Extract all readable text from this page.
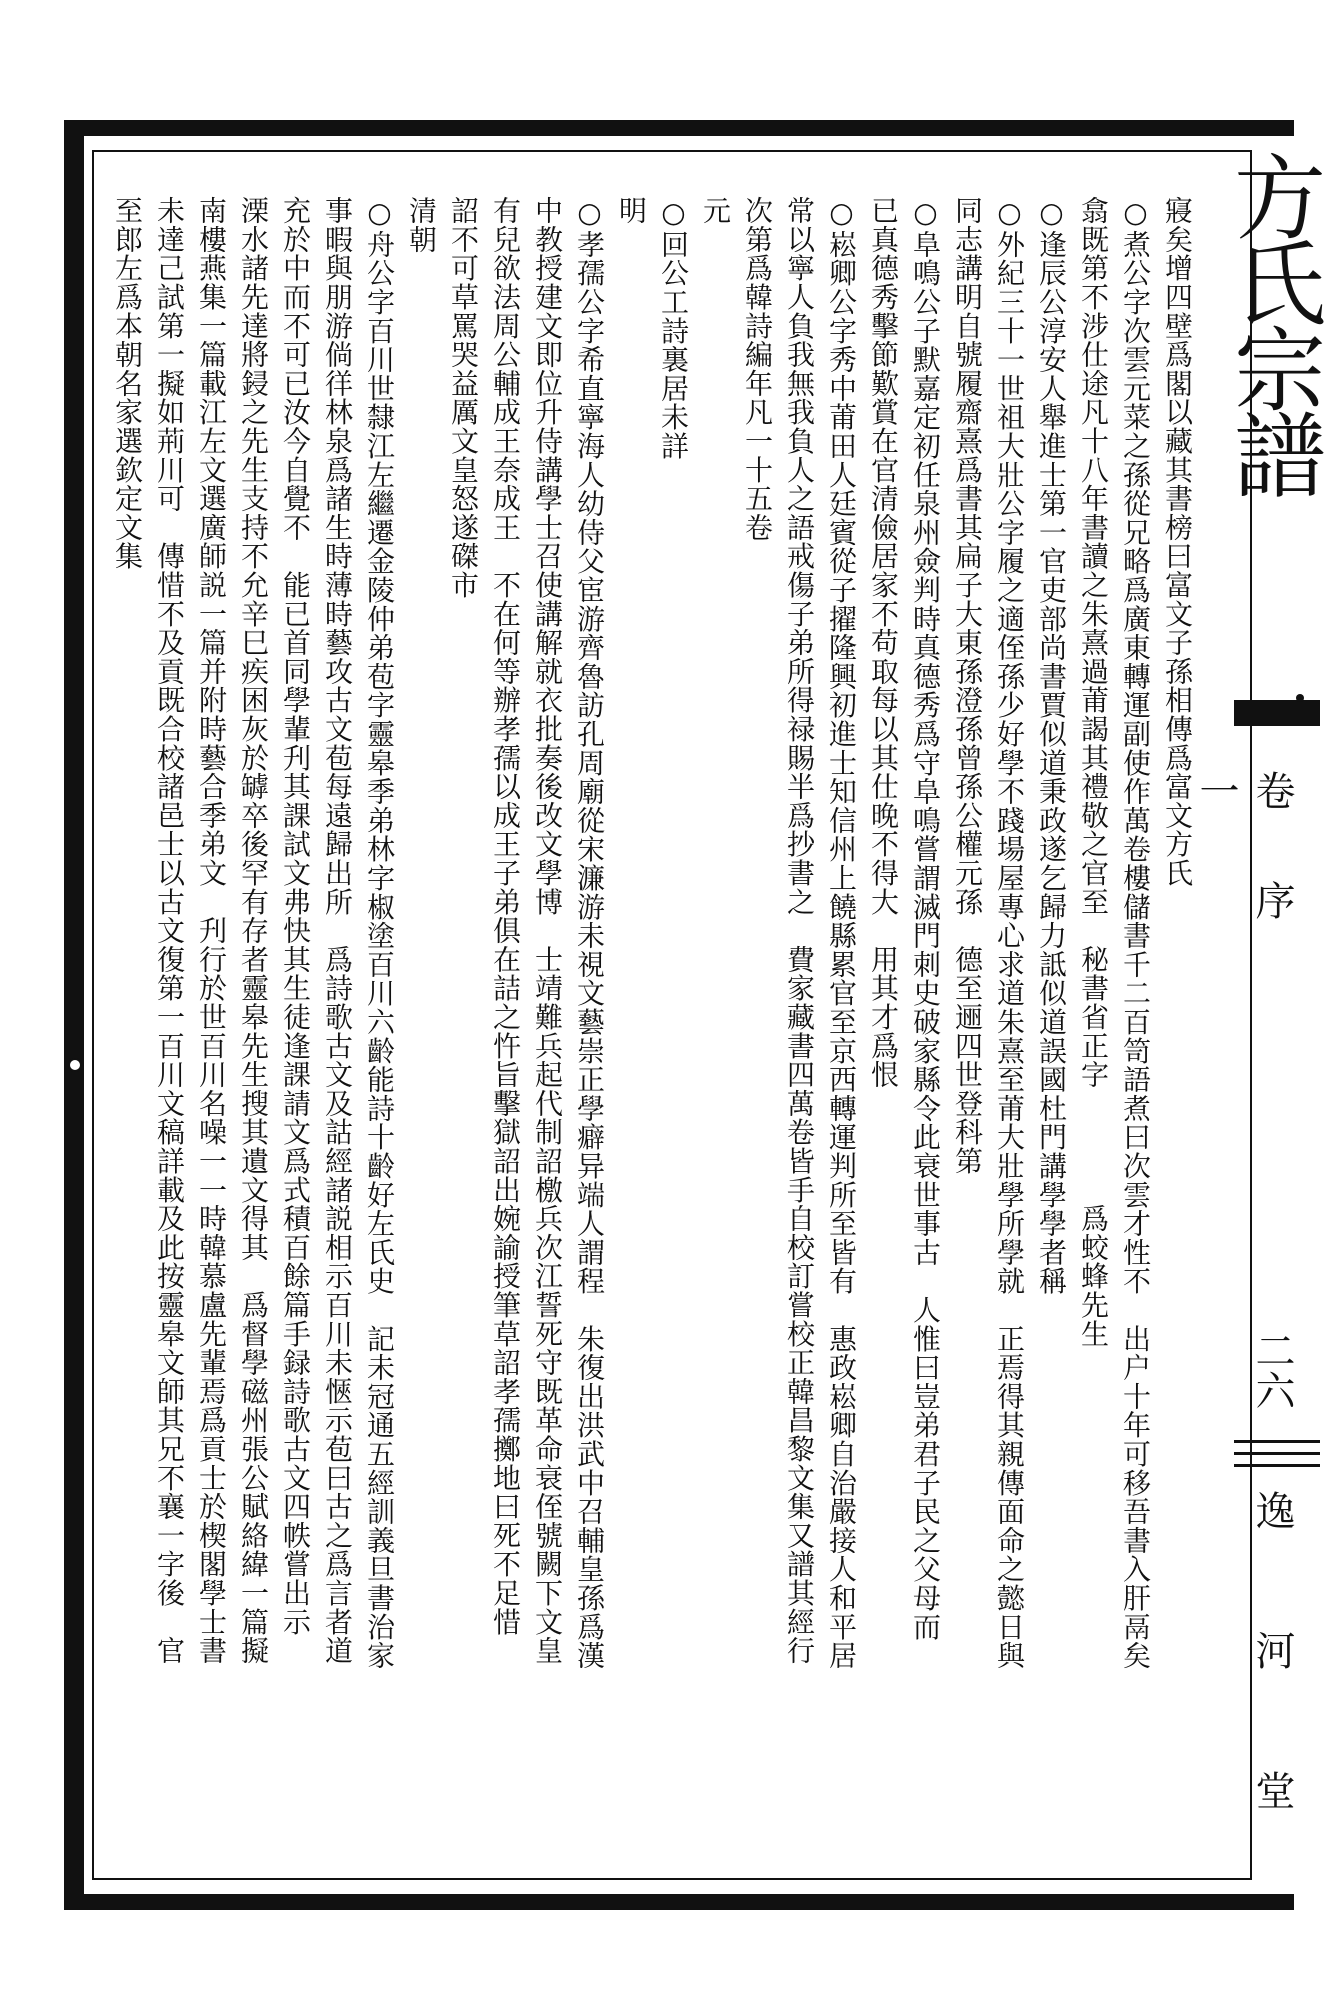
寢矣增四壁爲閣以藏其書榜曰富文子孫相傳爲富文方氏
○煮公字次雲元菜之孫從兄略爲廣東轉運副使作萬卷樓儲書千二百笥語煮曰次雲才性不　出户十年可移吾書入肝鬲矣
翕既第不涉仕途凡十八年書讀之朱熹過莆謁其禮敬之官至　秘書省正字　　　　爲蛟蜂先生
○逢辰公淳安人舉進士第一官吏部尚書賈似道秉政遂乞歸力詆似道誤國杜門講學學者稱
○外紀三十一世祖大壯公字履之適侄孫少好學不踐場屋專心求道朱熹至莆大壯學所學就　正焉得其親傳面命之懿日與
同志講明自號履齋熹爲書其扁子大東孫澄孫曾孫公權元孫　德至逦四世登科第
○阜鳴公子默嘉定初任泉州僉判時真德秀爲守阜鳴嘗謂滅門刺史破家縣令此衰世事古　人惟曰豈弟君子民之父母而
已真德秀擊節歎賞在官清儉居家不苟取每以其仕晚不得大　用其才爲恨
○崧卿公字秀中莆田人廷賓從子擢隆興初進士知信州上饒縣累官至京西轉運判所至皆有　惠政崧卿自治嚴接人和平居
常以寧人負我無我負人之語戒傷子弟所得禄賜半爲抄書之　費家藏書四萬卷皆手自校訂嘗校正韓昌黎文集又譜其經行
次第爲韓詩編年凡一十五卷
元
○回公工詩裏居未詳
明
○孝孺公字希直寧海人幼侍父宦游齊魯訪孔周廟從宋濂游未視文藝崇正學癖异端人謂程　朱復出洪武中召輔皇孫爲漢
中教授建文即位升侍講學士召使講解就衣批奏後改文學博　士靖難兵起代制詔檄兵次江誓死守既革命衰侄號闕下文皇
有兒欲法周公輔成王奈成王　不在何等辦孝孺以成王子弟俱在詰之忤旨擊獄詔出婉諭授筆草詔孝孺擲地曰死不足惜
詔不可草罵哭益厲文皇怒遂磔市
清朝
○舟公字百川世隸江左繼遷金陵仲弟苞字靈皋季弟林字椒塗百川六齡能詩十齡好左氏史　記未冠通五經訓義旦書治家
事暇與朋游倘徉林泉爲諸生時薄時藝攻古文苞每遠歸出所　爲詩歌古文及詁經諸説相示百川未愜示苞曰古之爲言者道
充於中而不可已汝今自覺不　能已首同學輩刋其課試文弗快其生徒逢課請文爲式積百餘篇手録詩歌古文四帙嘗出示
溧水諸先達將鋟之先生支持不允辛巳疾困灰於罅卒後罕有存者靈皋先生搜其遺文得其　爲督學磁州張公賦絡緯一篇擬
南樓燕集一篇載江左文選廣師説一篇并附時藝合季弟文　刋行於世百川名噪一一時韓慕盧先輩焉爲貢士於楔閣學士書
未達己試第一擬如荊川可　傳惜不及貢既合校諸邑士以古文復第一百川文稿詳載及此按靈皋文師其兄不襄一字後　官
至郎左爲本朝名家選欽定文集	方氏宗譜
卷一
序
二六
逸
河
堂
